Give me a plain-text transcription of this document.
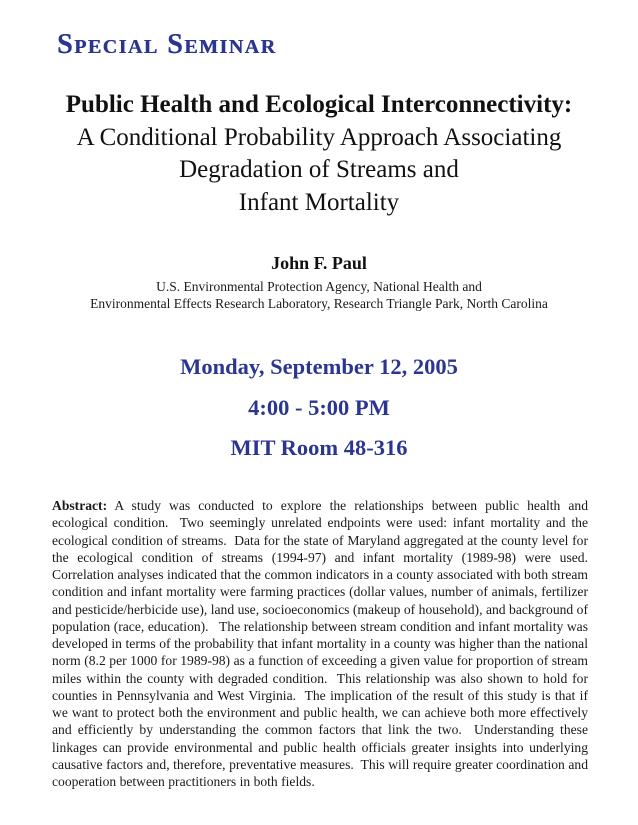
Special Seminar
Public Health and Ecological Interconnectivity:
A Conditional Probability Approach Associating
Degradation of Streams and
Infant Mortality
John F. Paul
U.S. Environmental Protection Agency, National Health and
Environmental Effects Research Laboratory, Research Triangle Park, North Carolina
Monday, September 12, 2005
4:00 - 5:00 PM
MIT Room 48-316
Abstract: A study was conducted to explore the relationships between public health and ecological condition.  Two seemingly unrelated endpoints were used: infant mortality and the ecological condition of streams.  Data for the state of Maryland aggregated at the county level for the ecological condition of streams (1994-97) and infant mortality (1989-98) were used. Correlation analyses indicated that the common indicators in a county associated with both stream condition and infant mortality were farming practices (dollar values, number of animals, fertilizer and pesticide/herbicide use), land use, socioeconomics (makeup of household), and background of population (race, education).   The relationship between stream condition and infant mortality was developed in terms of the probability that infant mortality in a county was higher than the national norm (8.2 per 1000 for 1989-98) as a function of exceeding a given value for proportion of stream miles within the county with degraded condition.  This relationship was also shown to hold for counties in Pennsylvania and West Virginia.  The implication of the result of this study is that if we want to protect both the environment and public health, we can achieve both more effectively and efficiently by understanding the common factors that link the two.  Understanding these linkages can provide environmental and public health officials greater insights into underlying causative factors and, therefore, preventative measures.  This will require greater coordination and cooperation between practitioners in both fields.
